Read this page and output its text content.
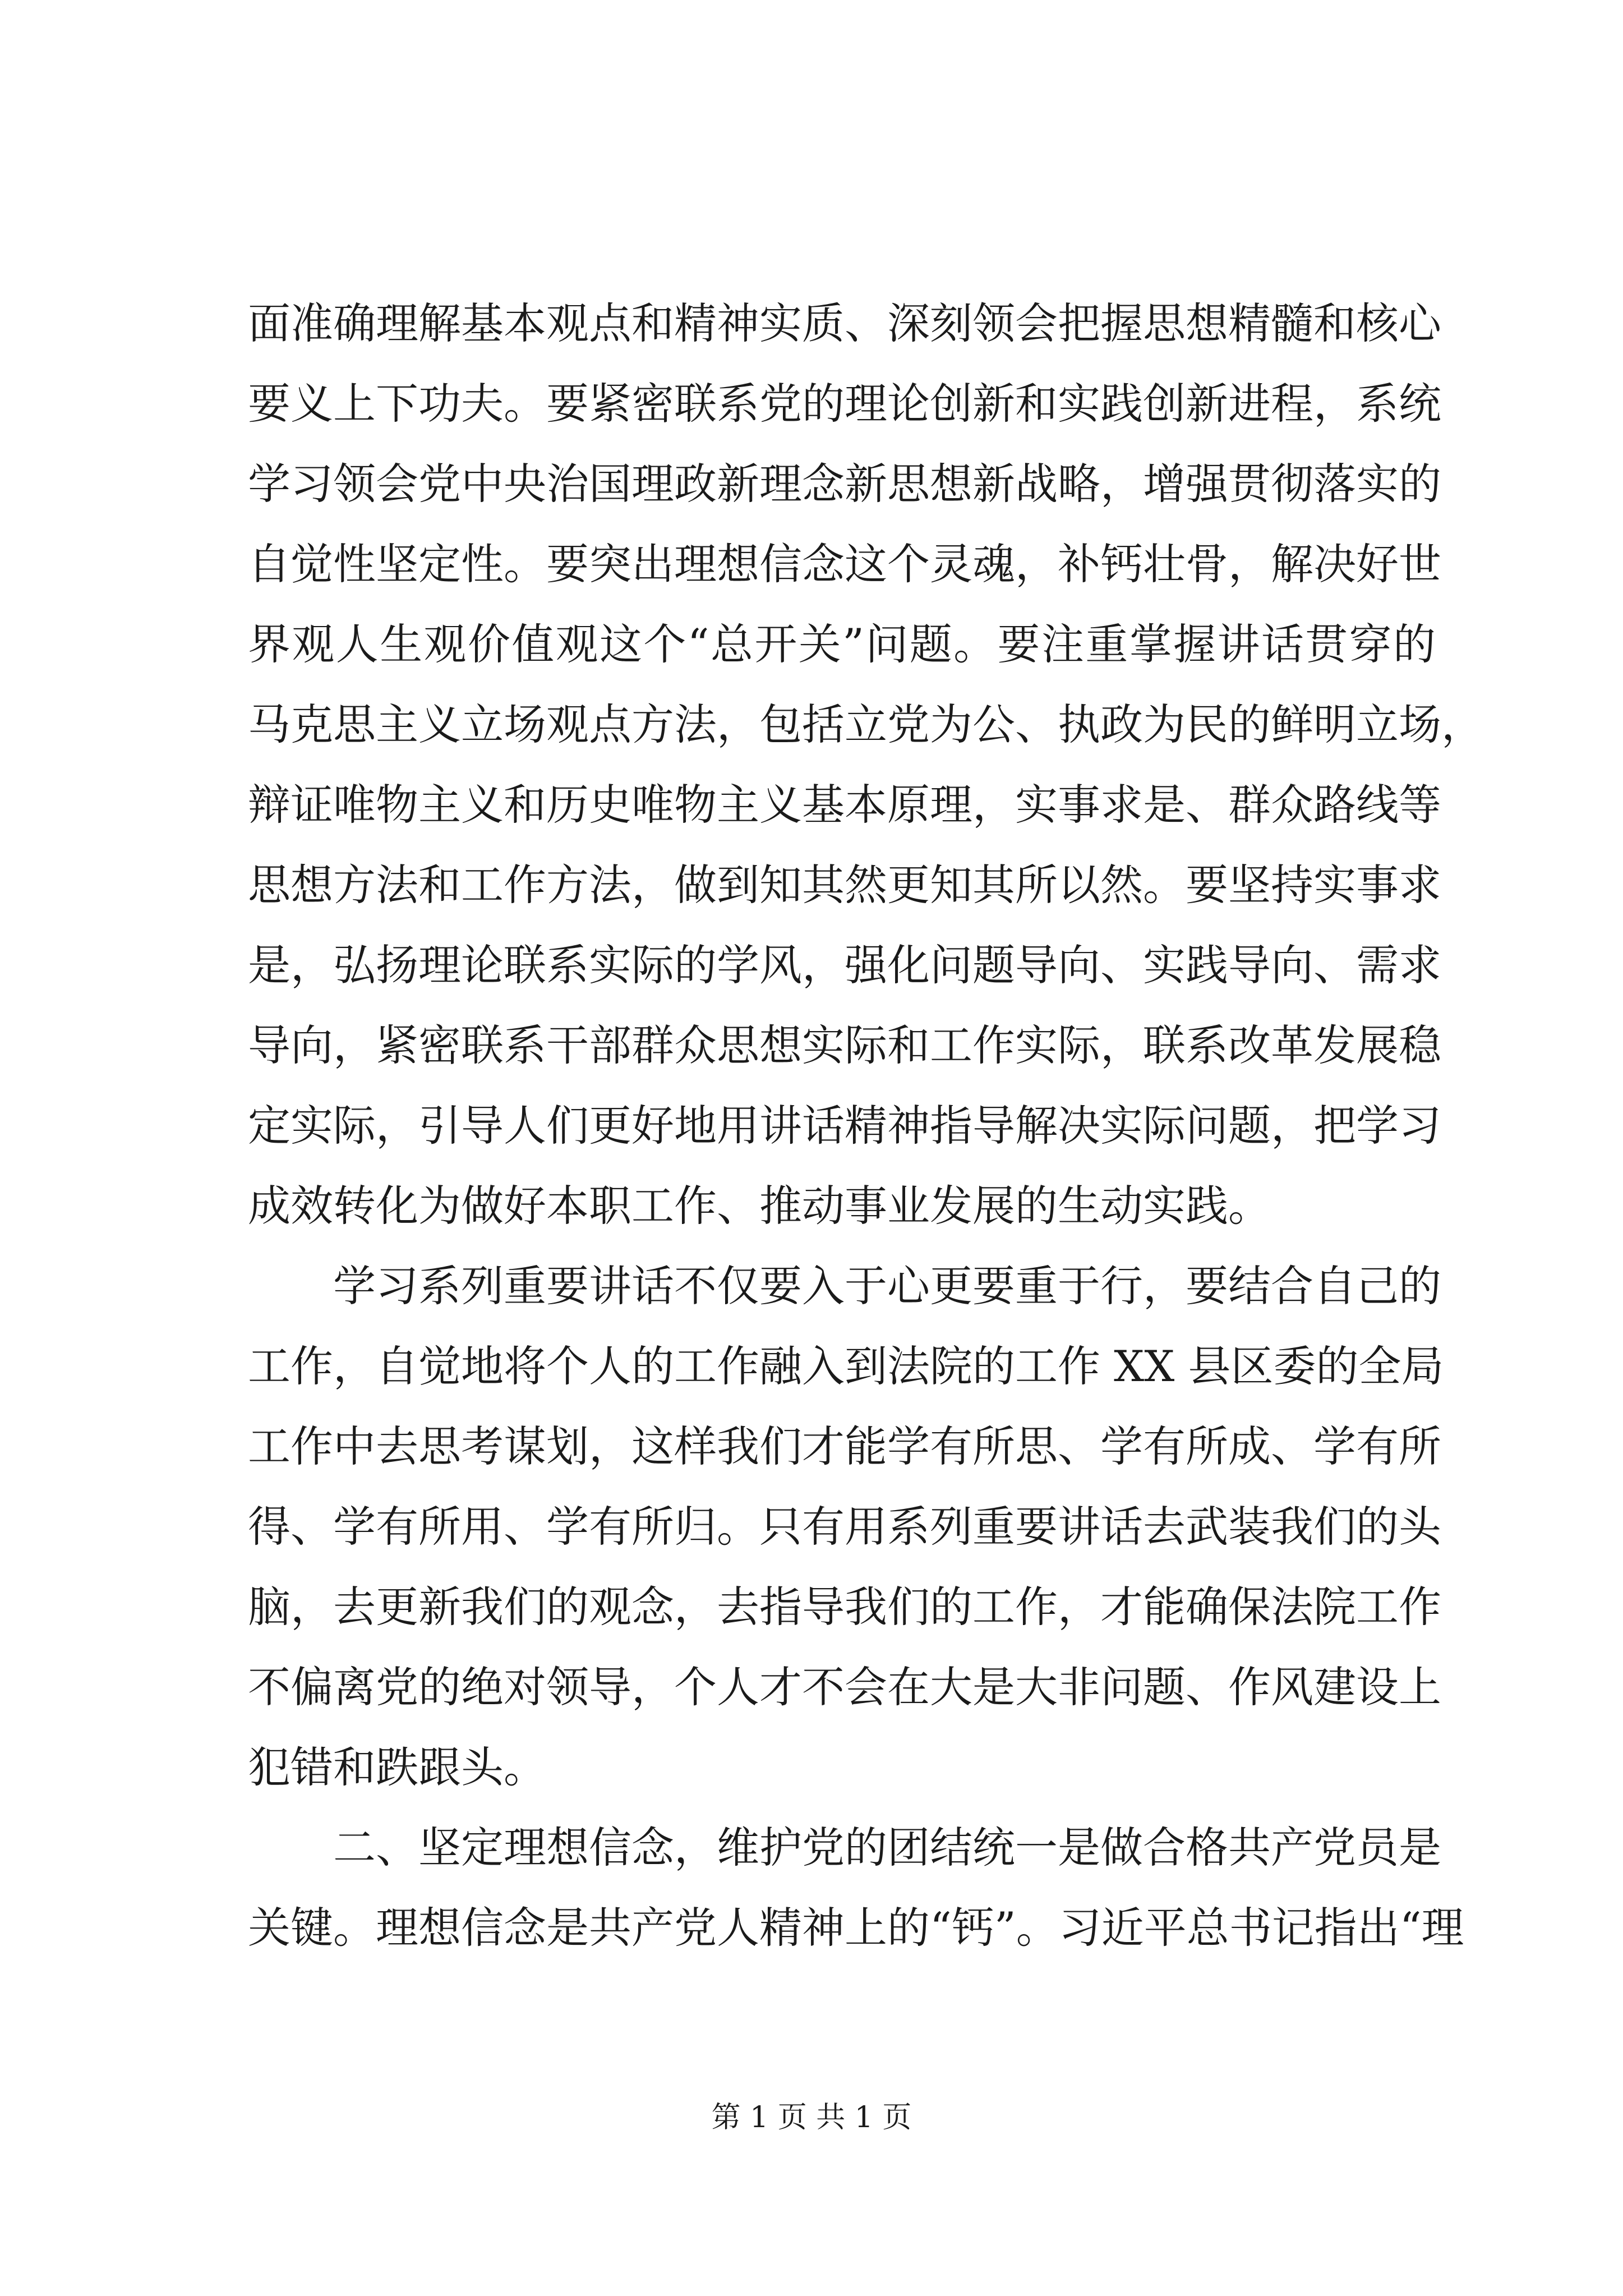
面准确理解基本观点和精神实质、深刻领会把握思想精髓和核心
要义上下功夫。要紧密联系党的理论创新和实践创新进程，系统
学习领会党中央治国理政新理念新思想新战略，增强贯彻落实的
自觉性坚定性。要突出理想信念这个灵魂，补钙壮骨，解决好世
界观人生观价值观这个“总开关”问题。要注重掌握讲话贯穿的
马克思主义立场观点方法，包括立党为公、执政为民的鲜明立场，
辩证唯物主义和历史唯物主义基本原理，实事求是、群众路线等
思想方法和工作方法，做到知其然更知其所以然。要坚持实事求
是，弘扬理论联系实际的学风，强化问题导向、实践导向、需求
导向，紧密联系干部群众思想实际和工作实际，联系改革发展稳
定实际，引导人们更好地用讲话精神指导解决实际问题，把学习
成效转化为做好本职工作、推动事业发展的生动实践。
学习系列重要讲话不仅要入于心更要重于行，要结合自己的
工作，自觉地将个人的工作融入到法院的工作 XX 县区委的全局
工作中去思考谋划，这样我们才能学有所思、学有所成、学有所
得、学有所用、学有所归。只有用系列重要讲话去武装我们的头
脑，去更新我们的观念，去指导我们的工作，才能确保法院工作
不偏离党的绝对领导，个人才不会在大是大非问题、作风建设上
犯错和跌跟头。
二、坚定理想信念，维护党的团结统一是做合格共产党员是
关键。理想信念是共产党人精神上的“钙”。习近平总书记指出“理
第 1 页 共 1 页
